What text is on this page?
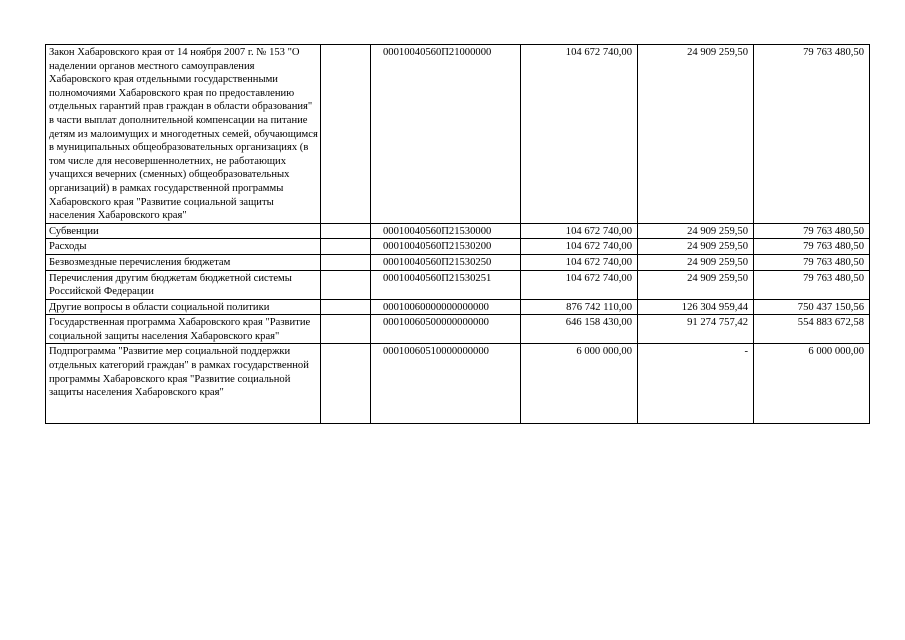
Закон Хабаровского края от 14 ноября 2007 г. № 153 "О наделении органов местного самоуправления Хабаровского края отдельными государственными полномочиями Хабаровского края по предоставлению отдельных гарантий прав граждан в области образования" в части выплат дополнительной компенсации на питание детям из малоимущих и многодетных семей, обучающимся в муниципальных общеобразовательных организациях (в том числе для несовершеннолетних, не работающих учащихся вечерних (сменных) общеобразовательных организаций) в рамках государственной программы Хабаровского края "Развитие социальной защиты населения Хабаровского края"		00010040560П21000000	104 672 740,00	24 909 259,50	79 763 480,50
Субвенции		00010040560П21530000	104 672 740,00	24 909 259,50	79 763 480,50
Расходы		00010040560П21530200	104 672 740,00	24 909 259,50	79 763 480,50
Безвозмездные перечисления бюджетам		00010040560П21530250	104 672 740,00	24 909 259,50	79 763 480,50
Перечисления другим бюджетам бюджетной системы Российской Федерации		00010040560П21530251	104 672 740,00	24 909 259,50	79 763 480,50
Другие вопросы в области социальной политики		00010060000000000000	876 742 110,00	126 304 959,44	750 437 150,56
Государственная программа Хабаровского края "Развитие социальной защиты населения Хабаровского края"		00010060500000000000	646 158 430,00	91 274 757,42	554 883 672,58
Подпрограмма "Развитие мер социальной поддержки отдельных категорий граждан" в рамках государственной программы Хабаровского края "Развитие социальной защиты населения Хабаровского края"		00010060510000000000	6 000 000,00	-	6 000 000,00
